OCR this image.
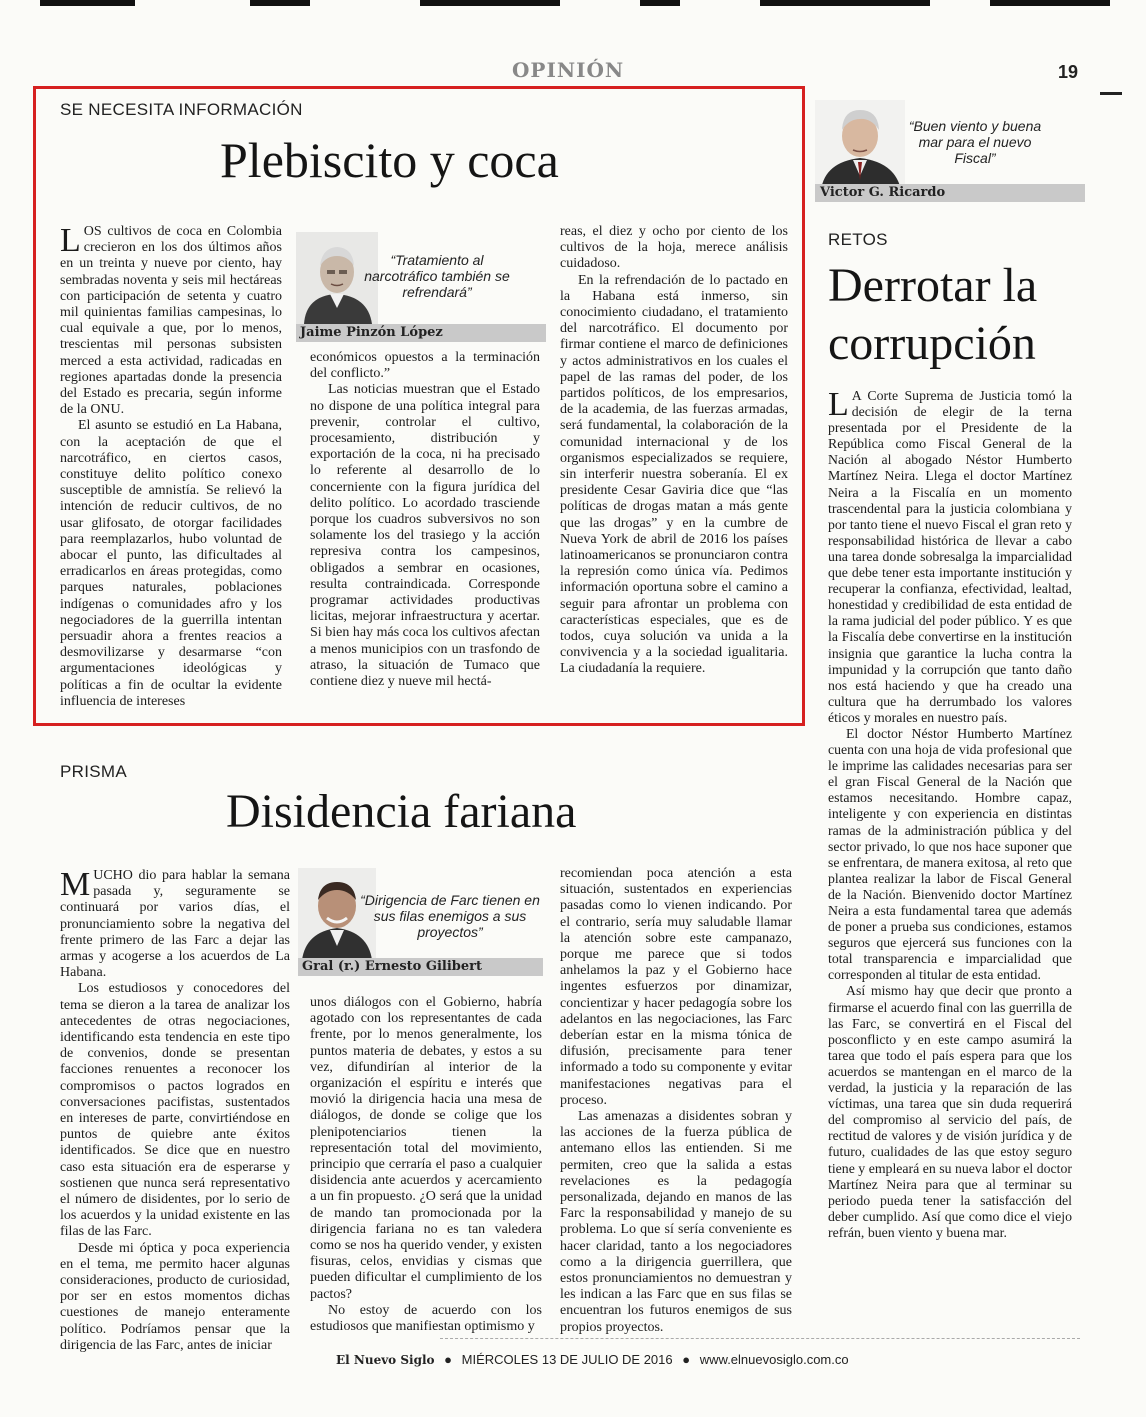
OPINIÓN	19
SE NECESITA INFORMACIÓN
Plebiscito y coca

LOS cultivos de coca en Colombia crecieron en los dos últimos años en un treinta y nueve por ciento, hay sembradas noventa y seis mil hectáreas con participación de setenta y cuatro mil quinientas familias campesinas, lo cual equivale a que, por lo menos, trescientas mil personas subsisten merced a esta actividad, radicadas en regiones apartadas donde la presencia del Estado es precaria, según informe de la ONU.

El asunto se estudió en La Habana, con la aceptación de que el narcotráfico, en ciertos casos, constituye delito político conexo susceptible de amnistía. Se relievó la intención de reducir cultivos, de no usar glifosato, de otorgar facilidades para reemplazarlos, hubo voluntad de abocar el punto, las dificultades al erradicarlos en áreas protegidas, como parques naturales, poblaciones indígenas o comunidades afro y los negociadores de la guerrilla intentan persuadir ahora a frentes reacios a desmovilizarse y desarmarse “con argumentaciones ideológicas y políticas a fin de ocultar la evidente influencia de intereses

“Tratamiento al narcotráfico también se refrendará”
Jaime Pinzón López

económicos opuestos a la terminación del conflicto.”

Las noticias muestran que el Estado no dispone de una política integral para prevenir, controlar el cultivo, procesamiento, distribución y exportación de la coca, ni ha precisado lo referente al desarrollo de lo concerniente con la figura jurídica del delito político. Lo acordado trasciende porque los cuadros subversivos no son solamente los del trasiego y la acción represiva contra los campesinos, obligados a sembrar en ocasiones, resulta contraindicada. Corresponde programar actividades productivas licitas, mejorar infraestructura y acertar. Si bien hay más coca los cultivos afectan a menos municipios con un trasfondo de atraso, la situación de Tumaco que contiene diez y nueve mil hectá-

reas, el diez y ocho por ciento de los cultivos de la hoja, merece análisis cuidadoso.

En la refrendación de lo pactado en la Habana está inmerso, sin conocimiento ciudadano, el tratamiento del narcotráfico. El documento por firmar contiene el marco de definiciones y actos administrativos en los cuales el papel de las ramas del poder, de los partidos políticos, de los empresarios, de la academia, de las fuerzas armadas, será fundamental, la colaboración de la comunidad internacional y de los organismos especializados se requiere, sin interferir nuestra soberanía. El ex presidente Cesar Gaviria dice que “las políticas de drogas matan a más gente que las drogas” y en la cumbre de Nueva York de abril de 2016 los países latinoamericanos se pronunciaron contra la represión como única vía. Pedimos información oportuna sobre el camino a seguir para afrontar un problema con características especiales, que es de todos, cuya solución va unida a la convivencia y a la sociedad igualitaria. La ciudadanía la requiere.

“Buen viento y buena mar para el nuevo Fiscal”
Victor G. Ricardo
RETOS
Derrotar la
corrupción

L A Corte Suprema de Justicia tomó la decisión de elegir de la terna presentada por el Presidente de la República como Fiscal General de la Nación al abogado Néstor Humberto Martínez Neira. Llega el doctor Martínez Neira a la Fiscalía en un momento trascendental para la justicia colombiana y por tanto tiene el nuevo Fiscal el gran reto y responsabilidad histórica de llevar a cabo una tarea donde sobresalga la imparcialidad que debe tener esta importante institución y recuperar la confianza, efectividad, lealtad, honestidad y credibilidad de esta entidad de la rama judicial del poder público. Y es que la Fiscalía debe convertirse en la institución insignia que garantice la lucha contra la impunidad y la corrupción que tanto daño nos está haciendo y que ha creado una cultura que ha derrumbado los valores éticos y morales en nuestro país.

El doctor Néstor Humberto Martínez cuenta con una hoja de vida profesional que le imprime las calidades necesarias para ser el gran Fiscal General de la Nación que estamos necesitando. Hombre capaz, inteligente y con experiencia en distintas ramas de la administración pública y del sector privado, lo que nos hace suponer que se enfrentara, de manera exitosa, al reto que plantea realizar la labor de Fiscal General de la Nación. Bienvenido doctor Martínez Neira a esta fundamental tarea que además de poner a prueba sus condiciones, estamos seguros que ejercerá sus funciones con la total transparencia e imparcialidad que corresponden al titular de esta entidad.

Así mismo hay que decir que pronto a firmarse el acuerdo final con las guerrilla de las Farc, se convertirá en el Fiscal del posconflicto y en este campo asumirá la tarea que todo el país espera para que los acuerdos se mantengan en el marco de la verdad, la justicia y la reparación de las víctimas, una tarea que sin duda requerirá del compromiso al servicio del país, de rectitud de valores y de visión jurídica y de futuro, cualidades de las que estoy seguro tiene y empleará en su nueva labor el doctor Martínez Neira para que al terminar su periodo pueda tener la satisfacción del deber cumplido. Así que como dice el viejo refrán, buen viento y buena mar.

PRISMA
Disidencia fariana

MUCHO dio para hablar la semana pasada y, seguramente se continuará por varios días, el pronunciamiento sobre la negativa del frente primero de las Farc a dejar las armas y acogerse a los acuerdos de La Habana.

Los estudiosos y conocedores del tema se dieron a la tarea de analizar los antecedentes de otras negociaciones, identificando esta tendencia en este tipo de convenios, donde se presentan facciones renuentes a reconocer los compromisos o pactos logrados en conversaciones pacifistas, sustentados en intereses de parte, convirtiéndose en puntos de quiebre ante éxitos identificados. Se dice que en nuestro caso esta situación era de esperarse y sostienen que nunca será representativo el número de disidentes, por lo serio de los acuerdos y la unidad existente en las filas de las Farc.

Desde mi óptica y poca experiencia en el tema, me permito hacer algunas consideraciones, producto de curiosidad, por ser en estos momentos dichas cuestiones de manejo enteramente político. Podríamos pensar que la dirigencia de las Farc, antes de iniciar

“Dirigencia de Farc tienen en sus filas enemigos a sus proyectos”
Gral (r.) Ernesto Gilibert

unos diálogos con el Gobierno, habría agotado con los representantes de cada frente, por lo menos generalmente, los puntos materia de debates, y estos a su vez, difundirían al interior de la organización el espíritu e interés que movió la dirigencia hacia una mesa de diálogos, de donde se colige que los plenipotenciarios tienen la representación total del movimiento, principio que cerraría el paso a cualquier disidencia ante acuerdos y acercamiento a un fin propuesto. ¿O será que la unidad de mando tan promocionada por la dirigencia fariana no es tan valedera como se nos ha querido vender, y existen fisuras, celos, envidias y cismas que pueden dificultar el cumplimiento de los pactos?

No estoy de acuerdo con los estudiosos que manifiestan optimismo y

recomiendan poca atención a esta situación, sustentados en experiencias pasadas como lo vienen indicando. Por el contrario, sería muy saludable llamar la atención sobre este campanazo, porque me parece que si todos anhelamos la paz y el Gobierno hace ingentes esfuerzos por dinamizar, concientizar y hacer pedagogía sobre los adelantos en las negociaciones, las Farc deberían estar en la misma tónica de difusión, precisamente para tener informado a todo su componente y evitar manifestaciones negativas para el proceso.

Las amenazas a disidentes sobran y las acciones de la fuerza pública de antemano ellos las entienden. Si me permiten, creo que la salida a estas revelaciones es la pedagogía personalizada, dejando en manos de las Farc la responsabilidad y manejo de su problema. Lo que sí sería conveniente es hacer claridad, tanto a los negociadores como a la dirigencia guerrillera, que estos pronunciamientos no demuestran y les indican a las Farc que en sus filas se encuentran los futuros enemigos de sus propios proyectos.

El Nuevo Siglo ● MIÉRCOLES 13 DE JULIO DE 2016 ● www.elnuevosiglo.com.co
